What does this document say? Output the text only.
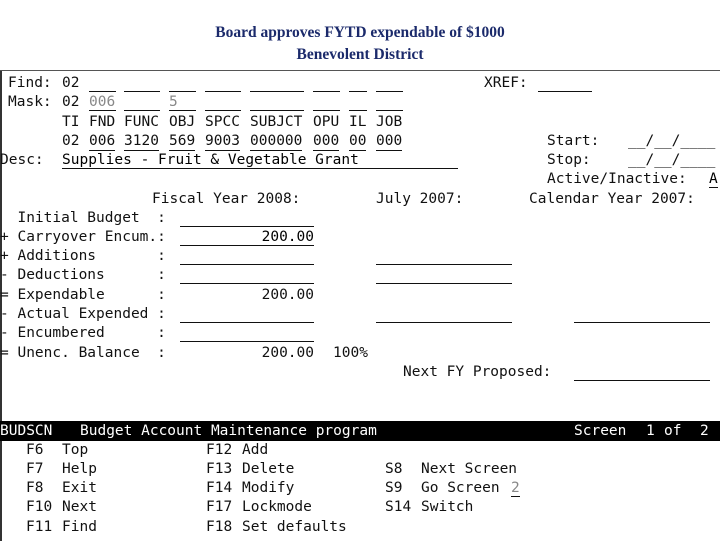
Board approves FYTD expendable of $1000
Benevolent District
Find: 02	XREF:
Mask: 02 006	5
TI FND FUNC OBJ SPCC SUBJCT OPU IL JOB
02 006 3120 569 9003 000000 000 00 000	Start: __/__/____
Desc: Supplies - Fruit & Vegetable Grant	Stop:	__/__/____
Active/Inactive: A
Fiscal Year 2008:	July 2007:	Calendar Year 2007:
Initial Budget  :
+ Carryover Encum.:	200.00
+ Additions       :
- Deductions      :
= Expendable      :	200.00
- Actual Expended :
- Encumbered      :
= Unenc. Balance  :	200.00 100%
Next FY Proposed:
BUDSCN Budget Account Maintenance program	Screen 1 of 2
F6 Top
F7 Help
F8 Exit
F10 Next
F11 Find
F12 Add
F13 Delete
F14 Modify
F17 Lockmode
F18 Set defaults
S8 Next Screen
S9 Go Screen 2
S14 Switch
